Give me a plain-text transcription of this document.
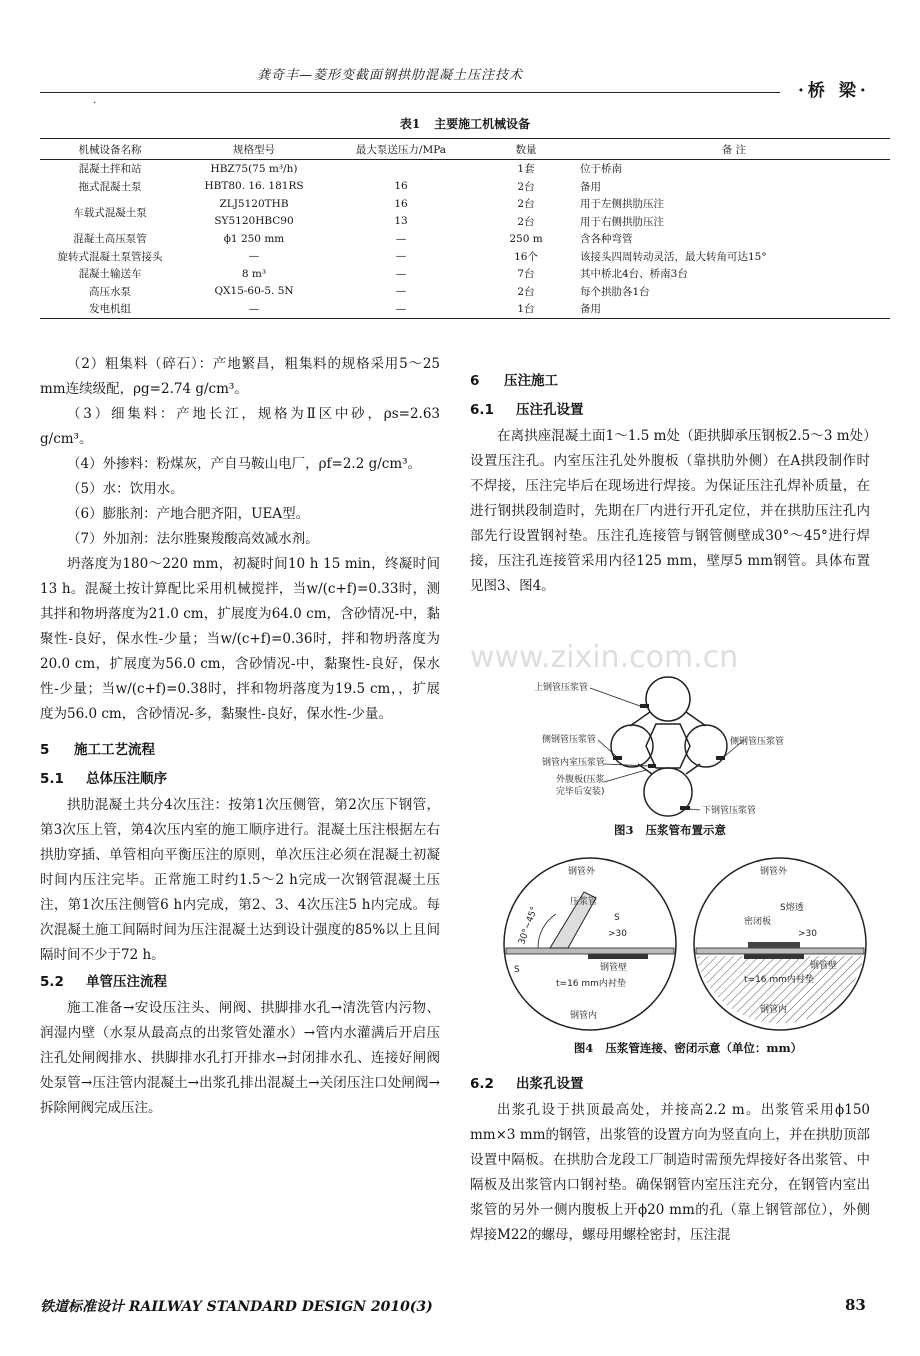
龚奇丰—菱形变截面钢拱肋混凝土压注技术
·桥 梁·
·
表1 主要施工机械设备
机械设备名称	规格型号	最大泵送压力/MPa	数量	备 注
混凝土拌和站	HBZ75(75 m³/h)		1套	位于桥南
拖式混凝土泵	HBT80. 16. 181RS	16	2台	备用
车载式混凝土泵	ZLJ5120THB	16	2台	用于左侧拱肋压注
	SY5120HBC90	13	2台	用于右侧拱肋压注
混凝土高压泵管	ϕ1 250 mm	—	250 m	含各种弯管
旋转式混凝土泵管接头	—	—	16个	该接头四周转动灵活，最大转角可达15°
混凝土输送车	8 m³	—	7台	其中桥北4台、桥南3台
高压水泵	QX15-60-5. 5N	—	2台	每个拱肋各1台
发电机组	—	—	1台	备用

（2）粗集料（碎石）：产地繁昌，粗集料的规格采用5～25 mm连续级配，ρg=2.74 g/cm³。

（3）细集料：产地长江，规格为Ⅱ区中砂，ρs=2.63 g/cm³。

（4）外掺料：粉煤灰，产自马鞍山电厂，ρf=2.2 g/cm³。

（5）水：饮用水。

（6）膨胀剂：产地合肥齐阳，UEA型。

（7）外加剂：法尔胜聚羧酸高效减水剂。

坍落度为180～220 mm，初凝时间10 h 15 min，终凝时间13 h。混凝土按计算配比采用机械搅拌，当w/(c+f)=0.33时，测其拌和物坍落度为21.0 cm，扩展度为64.0 cm，含砂情况-中，黏聚性-良好，保水性-少量；当w/(c+f)=0.36时，拌和物坍落度为20.0 cm，扩展度为56.0 cm，含砂情况-中，黏聚性-良好，保水性-少量；当w/(c+f)=0.38时，拌和物坍落度为19.5 cm，，扩展度为56.0 cm，含砂情况-多，黏聚性-良好，保水性-少量。

5 施工工艺流程
5.1 总体压注顺序

拱肋混凝土共分4次压注：按第1次压侧管，第2次压下钢管，第3次压上管，第4次压内室的施工顺序进行。混凝土压注根据左右拱肋穿插、单管相向平衡压注的原则，单次压注必须在混凝土初凝时间内压注完毕。正常施工时约1.5～2 h完成一次钢管混凝土压注，第1次压注侧管6 h内完成，第2、3、4次压注5 h内完成。每次混凝土施工间隔时间为压注混凝土达到设计强度的85%以上且间隔时间不少于72 h。

5.2 单管压注流程

施工准备→安设压注头、闸阀、拱脚排水孔→清洗管内污物、润湿内壁（水泵从最高点的出浆管处灌水）→管内水灌满后开启压注孔处闸阀排水、拱脚排水孔打开排水→封闭排水孔、连接好闸阀处泵管→压注管内混凝土→出浆孔排出混凝土→关闭压注口处闸阀→拆除闸阀完成压注。

6 压注施工
6.1 压注孔设置

在离拱座混凝土面1～1.5 m处（距拱脚承压钢板2.5～3 m处）设置压注孔。内室压注孔处外腹板（靠拱肋外侧）在A拱段制作时不焊接，压注完毕后在现场进行焊接。为保证压注孔焊补质量，在进行钢拱段制造时，先期在厂内进行开孔定位，并在拱肋压注孔内部先行设置钢衬垫。压注孔连接管与钢管侧壁成30°～45°进行焊接，压注孔连接管采用内径125 mm，壁厚5 mm钢管。具体布置见图3、图4。

上钢管压浆管
侧钢管压浆管	侧钢管压浆管
钢管内室压浆管
外腹板(压浆
完毕后安装)
下钢管压浆管
图3 压浆管布置示意
钢管外
压浆管
30°~45°	S
>30
S	钢管壁
t=16 mm内衬垫
钢管内
钢管外
S熔透
密闭板
>30
钢管壁
t=16 mm内衬垫
钢管内
图4 压浆管连接、密闭示意（单位：mm）
6.2 出浆孔设置

出浆孔设于拱顶最高处，并接高2.2 m。出浆管采用ϕ150 mm×3 mm的钢管，出浆管的设置方向为竖直向上，并在拱肋顶部设置中隔板。在拱肋合龙段工厂制造时需预先焊接好各出浆管、中隔板及出浆管内口钢衬垫。确保钢管内室压注充分，在钢管内室出浆管的另外一侧内腹板上开ϕ20 mm的孔（靠上钢管部位），外侧焊接M22的螺母，螺母用螺栓密封，压注混

www.zixin.com.cn
铁道标准设计 RAILWAY STANDARD DESIGN 2010(3)	83
